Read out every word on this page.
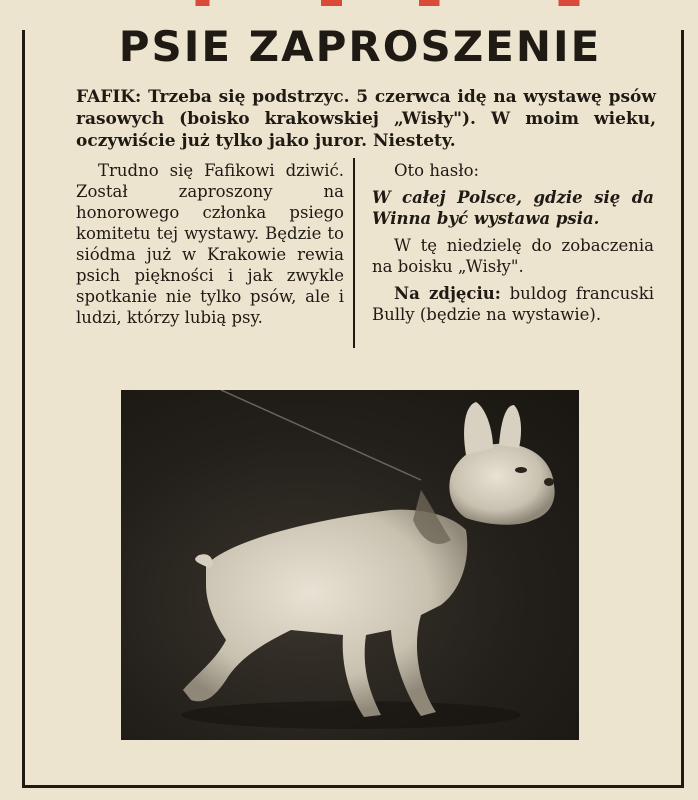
PSIE ZAPROSZENIE

FAFIK: Trzeba się podstrzyc. 5 czerwca idę na wystawę psów rasowych (boisko krakowskiej „Wisły"). W moim wieku, oczywiście już tylko jako juror. Niestety.

Trudno się Fafikowi dziwić. Został zaproszony na honorowego członka psiego komitetu tej wystawy. Będzie to siódma już w Krakowie rewia psich piękności i jak zwykle spotkanie nie tylko psów, ale i ludzi, którzy lubią psy.

Oto hasło:

W całej Polsce, gdzie się da Winna być wystawa psia.

W tę niedzielę do zobaczenia na boisku „Wisły".

Na zdjęciu: buldog francuski Bully (będzie na wystawie).
